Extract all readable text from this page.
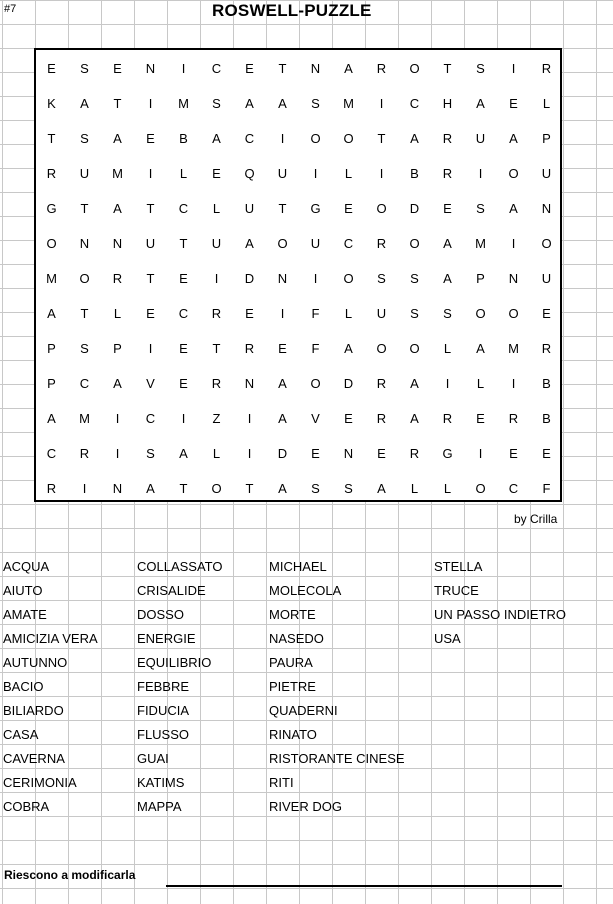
#7	ROSWELL-PUZZLE
E	S	E	N	I	C	E	T	N	A	R	O	T	S	I	R
K	A	T	I	M	S	A	A	S	M	I	C	H	A	E	L
T	S	A	E	B	A	C	I	O	O	T	A	R	U	A	P
R	U	M	I	L	E	Q	U	I	L	I	B	R	I	O	U
G	T	A	T	C	L	U	T	G	E	O	D	E	S	A	N
O	N	N	U	T	U	A	O	U	C	R	O	A	M	I	O
M	O	R	T	E	I	D	N	I	O	S	S	A	P	N	U
A	T	L	E	C	R	E	I	F	L	U	S	S	O	O	E
P	S	P	I	E	T	R	E	F	A	O	O	L	A	M	R
P	C	A	V	E	R	N	A	O	D	R	A	I	L	I	B
A	M	I	C	I	Z	I	A	V	E	R	A	R	E	R	B
C	R	I	S	A	L	I	D	E	N	E	R	G	I	E	E
R	I	N	A	T	O	T	A	S	S	A	L	L	O	C	F
by Crilla
ACQUA
AIUTO
AMATE
AMICIZIA VERA
AUTUNNO
BACIO
BILIARDO
CASA
CAVERNA
CERIMONIA
COBRA
COLLASSATO
CRISALIDE
DOSSO
ENERGIE
EQUILIBRIO
FEBBRE
FIDUCIA
FLUSSO
GUAI
KATIMS
MAPPA
MICHAEL
MOLECOLA
MORTE
NASEDO
PAURA
PIETRE
QUADERNI
RINATO
RISTORANTE CINESE
RITI
RIVER DOG
STELLA
TRUCE
UN PASSO INDIETRO
USA
Riescono a modificarla
